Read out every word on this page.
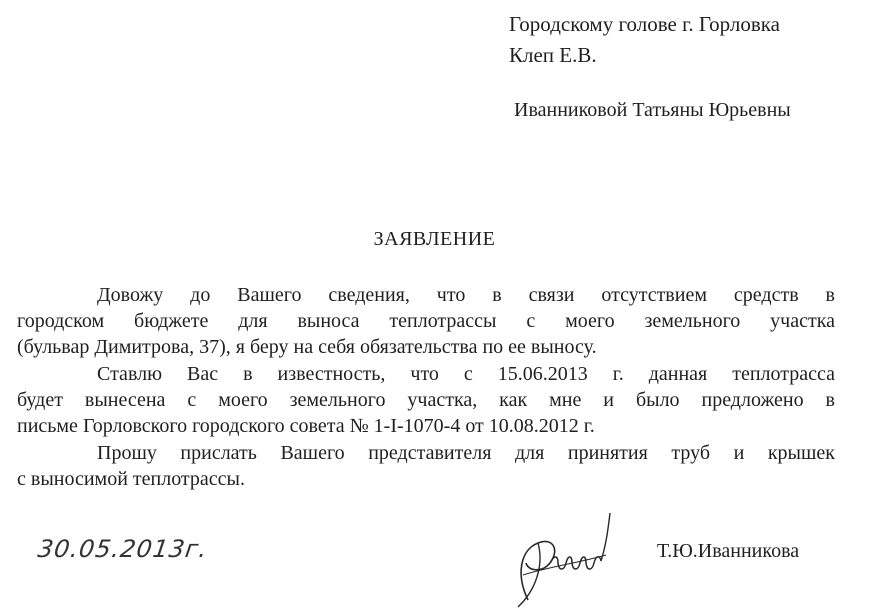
Городскому голове г. Горловка
Клеп Е.В.
Иванниковой Татьяны Юрьевны
ЗАЯВЛЕНИЕ
Довожу до Вашего сведения, что в связи отсутствием средств в
городском бюджете для выноса теплотрассы с моего земельного участка
(бульвар Димитрова, 37), я беру на себя обязательства по ее выносу.
Ставлю Вас в известность, что с 15.06.2013 г. данная теплотрасса
будет вынесена с моего земельного участка, как мне и было предложено в
письме Горловского городского совета № 1-I-1070-4 от 10.08.2012 г.
Прошу прислать Вашего представителя для принятия труб и крышек
с выносимой теплотрассы.
30.05.2013г.	Т.Ю.Иванникова
